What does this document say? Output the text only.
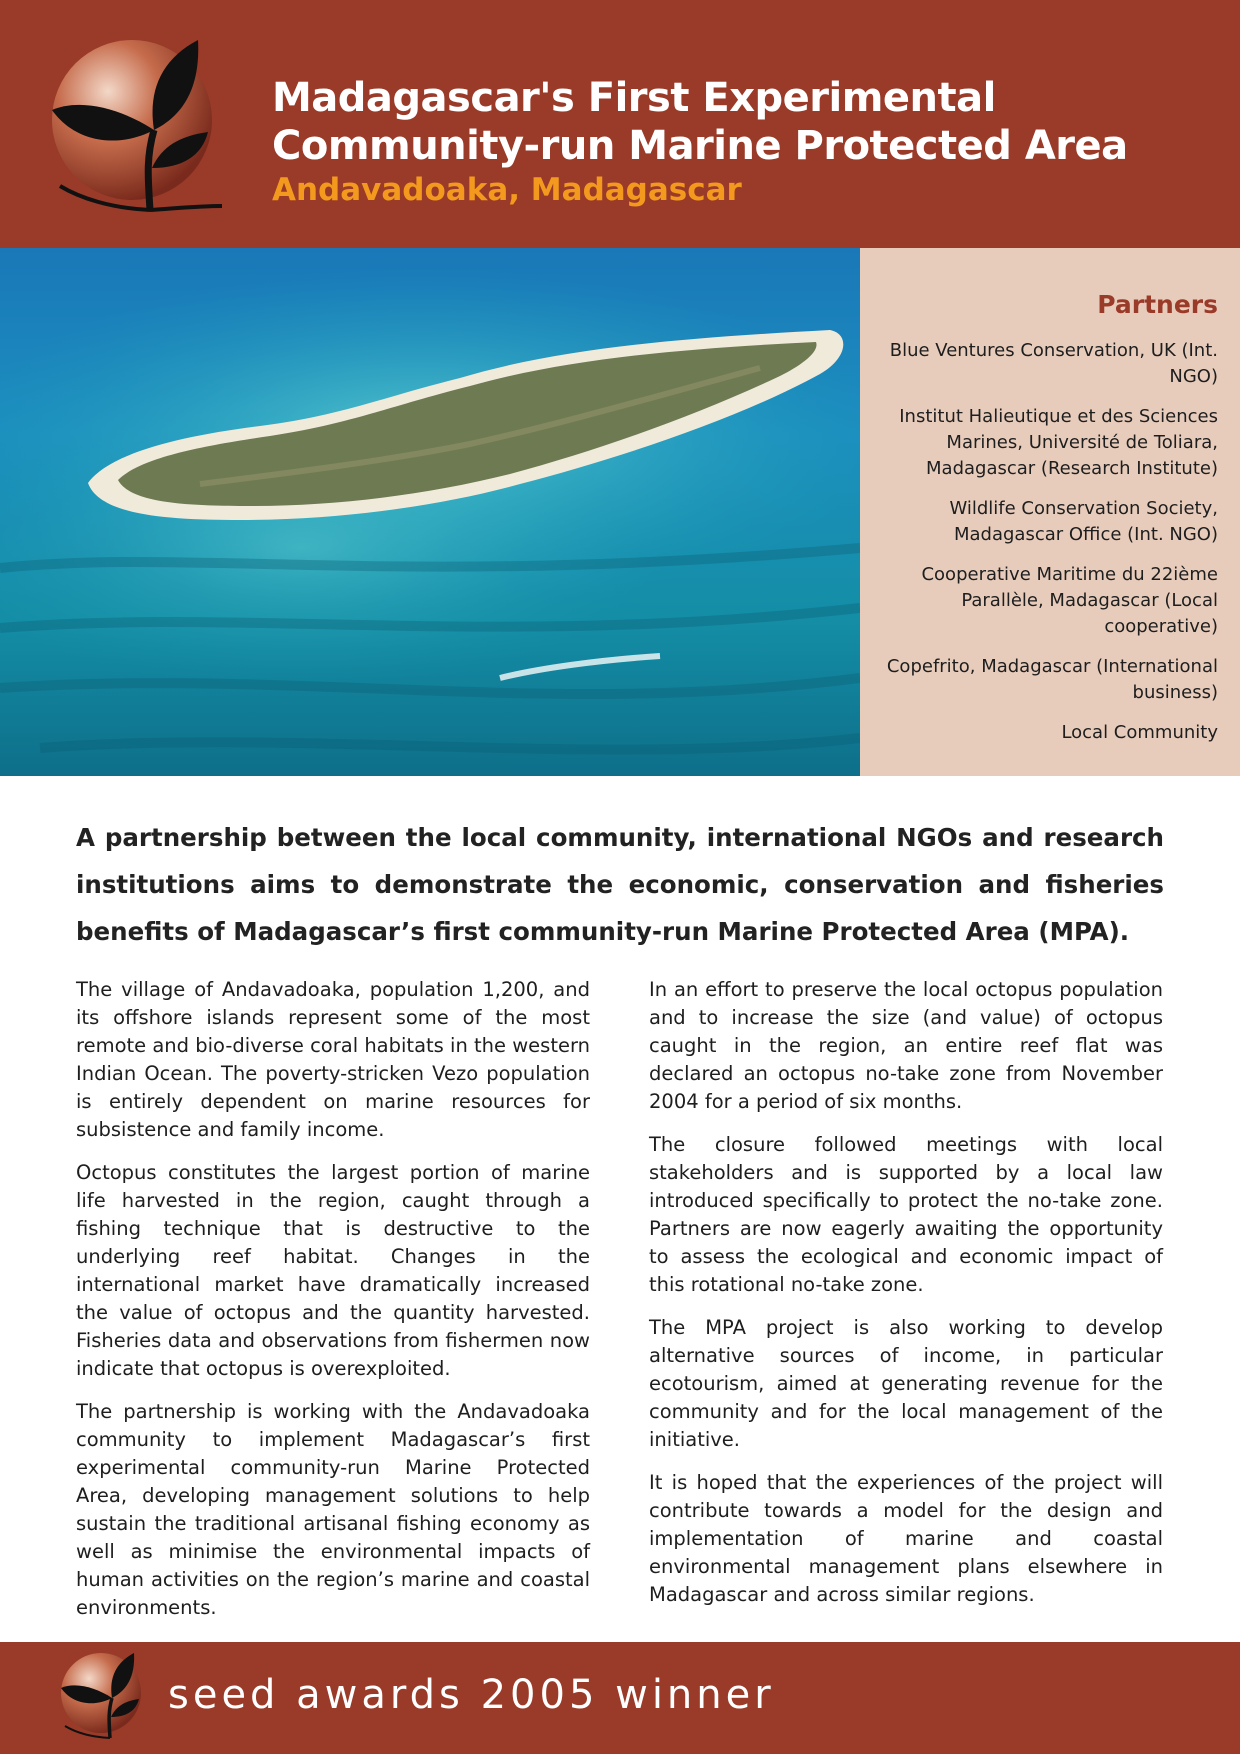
Madagascar's First Experimental
Community-run Marine Protected Area
Andavadoaka, Madagascar
Partners
Blue Ventures Conservation, UK (Int. NGO)
Institut Halieutique et des Sciences Marines, Université de Toliara, Madagascar (Research Institute)
Wildlife Conservation Society, Madagascar Office (Int. NGO)
Cooperative Maritime du 22ième Parallèle, Madagascar (Local cooperative)
Copefrito, Madagascar (International business)
Local Community
A partnership between the local community, international NGOs and research institutions aims to demonstrate the economic, conservation and fisheries benefits of Madagascar’s first community-run Marine Protected Area (MPA).

The village of Andavadoaka, population 1,200, and its offshore islands represent some of the most remote and bio-diverse coral habitats in the western Indian Ocean. The poverty-stricken Vezo population is entirely dependent on marine resources for subsistence and family income.

Octopus constitutes the largest portion of marine life harvested in the region, caught through a fishing technique that is destructive to the underlying reef habitat. Changes in the international market have dramatically increased the value of octopus and the quantity harvested. Fisheries data and observations from fishermen now indicate that octopus is overexploited.

The partnership is working with the Andavadoaka community to implement Madagascar’s first experimental community-run Marine Protected Area, developing management solutions to help sustain the traditional artisanal fishing economy as well as minimise the environmental impacts of human activities on the region’s marine and coastal environments.

In an effort to preserve the local octopus population and to increase the size (and value) of octopus caught in the region, an entire reef flat was declared an octopus no-take zone from November 2004 for a period of six months.

The closure followed meetings with local stakeholders and is supported by a local law introduced specifically to protect the no-take zone. Partners are now eagerly awaiting the opportunity to assess the ecological and economic impact of this rotational no-take zone.

The MPA project is also working to develop alternative sources of income, in particular ecotourism, aimed at generating revenue for the community and for the local management of the initiative.

It is hoped that the experiences of the project will contribute towards a model for the design and implementation of marine and coastal environmental management plans elsewhere in Madagascar and across similar regions.

seed awards 2005 winner
